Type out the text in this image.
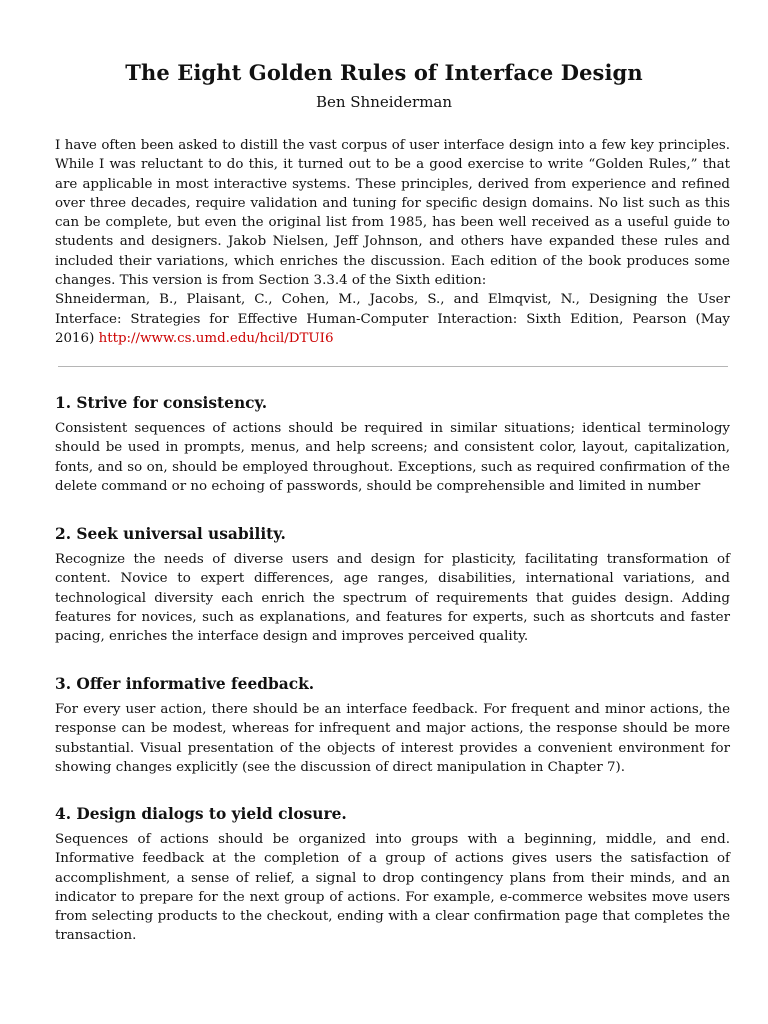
The Eight Golden Rules of Interface Design
Ben Shneiderman

I have often been asked to distill the vast corpus of user interface design into a few key principles. While I was reluctant to do this, it turned out to be a good exercise to write “Golden Rules,” that are applicable in most interactive systems. These principles, derived from experience and refined over three decades, require validation and tuning for specific design domains. No list such as this can be complete, but even the original list from 1985, has been well received as a useful guide to students and designers. Jakob Nielsen, Jeff Johnson, and others have expanded these rules and included their variations, which enriches the discussion. Each edition of the book produces some changes. This version is from Section 3.3.4 of the Sixth edition:

Shneiderman, B., Plaisant, C., Cohen, M., Jacobs, S., and Elmqvist, N., Designing the User Interface: Strategies for Effective Human-Computer Interaction: Sixth Edition, Pearson (May 2016) http://www.cs.umd.edu/hcil/DTUI6

1. Strive for consistency.

Consistent sequences of actions should be required in similar situations; identical terminology should be used in prompts, menus, and help screens; and consistent color, layout, capitalization, fonts, and so on, should be employed throughout. Exceptions, such as required confirmation of the delete command or no echoing of passwords, should be comprehensible and limited in number

2. Seek universal usability.

Recognize the needs of diverse users and design for plasticity, facilitating transformation of content. Novice to expert differences, age ranges, disabilities, international variations, and technological diversity each enrich the spectrum of requirements that guides design. Adding features for novices, such as explanations, and features for experts, such as shortcuts and faster pacing, enriches the interface design and improves perceived quality.

3. Offer informative feedback.

For every user action, there should be an interface feedback. For frequent and minor actions, the response can be modest, whereas for infrequent and major actions, the response should be more substantial. Visual presentation of the objects of interest provides a convenient environment for showing changes explicitly (see the discussion of direct manipulation in Chapter 7).

4. Design dialogs to yield closure.

Sequences of actions should be organized into groups with a beginning, middle, and end. Informative feedback at the completion of a group of actions gives users the satisfaction of accomplishment, a sense of relief, a signal to drop contingency plans from their minds, and an indicator to prepare for the next group of actions. For example, e-commerce websites move users from selecting products to the checkout, ending with a clear confirmation page that completes the transaction.
